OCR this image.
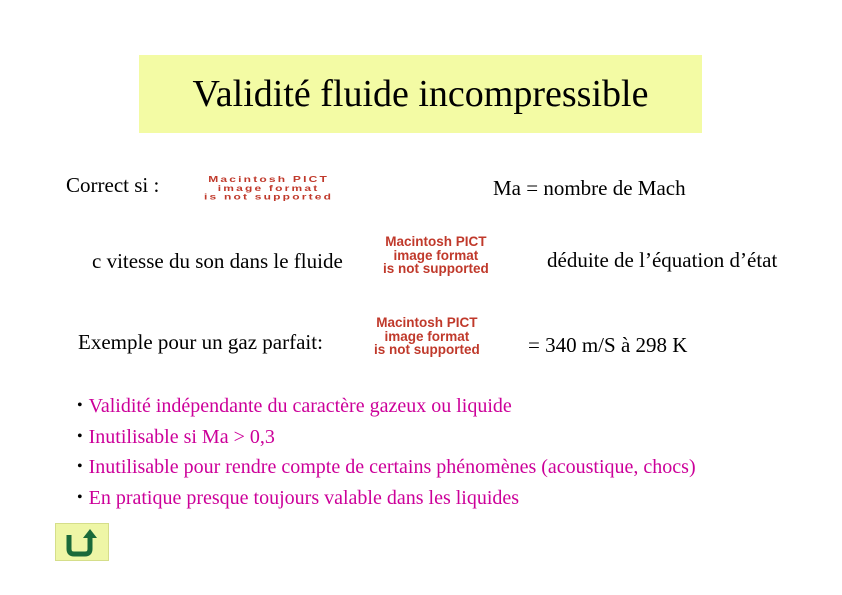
Validité fluide incompressible
Correct si :	Macintosh PICT
image format
is not supported	Ma = nombre de Mach
c vitesse du son dans le fluide
Macintosh PICT
image format
is not supported	déduite de l’équation d’état
Exemple pour un gaz parfait:
Macintosh PICT
image format
is not supported = 340 m/S à 298 K
• Validité indépendante du caractère gazeux ou liquide
• Inutilisable si Ma > 0,3
• Inutilisable pour rendre compte de certains phénomènes (acoustique, chocs)
• En pratique presque toujours valable dans les liquides
